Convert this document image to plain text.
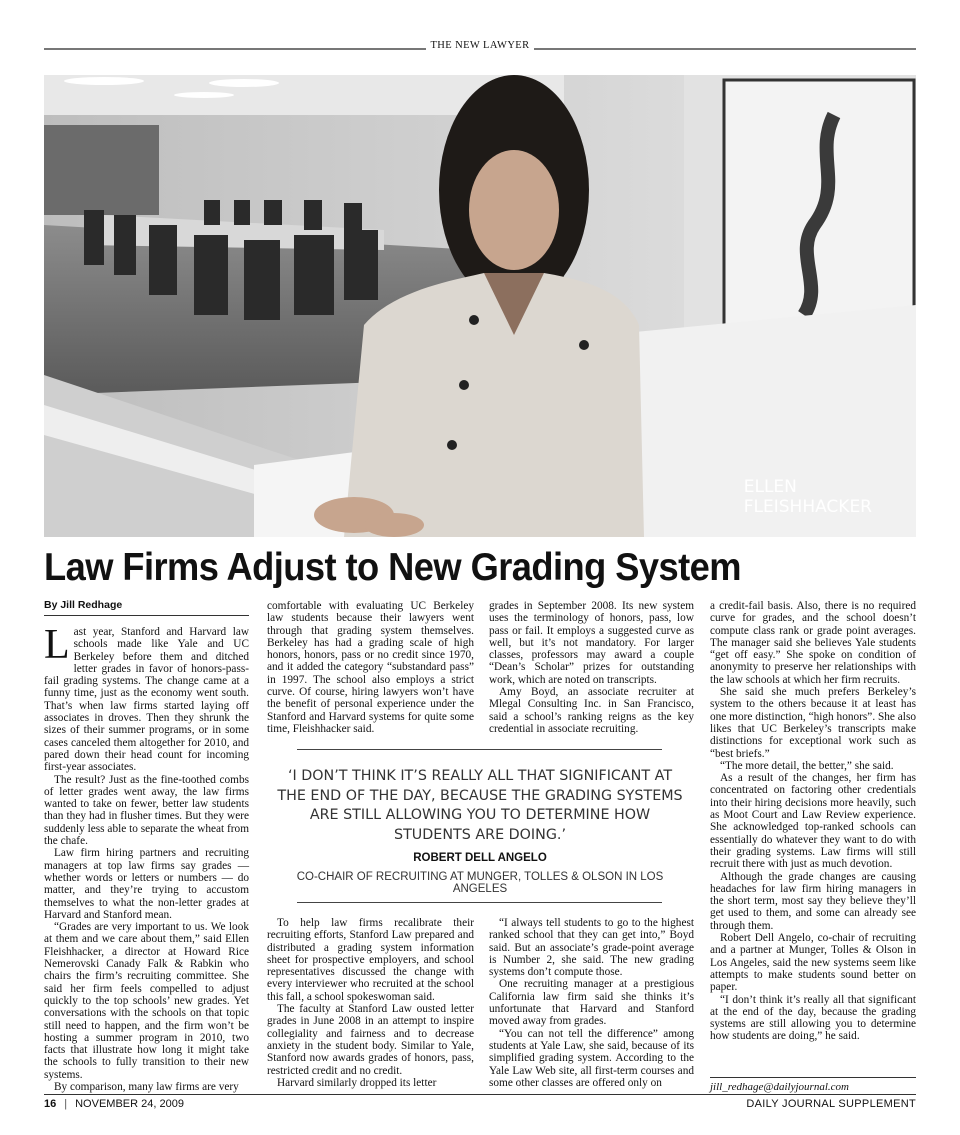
THE NEW LAWYER
ELLEN
FLEISHHACKER
Law Firms Adjust to New Grading System
By Jill Redhage

Last year, Stanford and Harvard law schools made like Yale and UC Berkeley before them and ditched letter grades in favor of honors-pass-fail grading systems. The change came at a funny time, just as the economy went south. That’s when law firms started laying off associates in droves. Then they shrunk the sizes of their summer programs, or in some cases canceled them altogether for 2010, and pared down their head count for incoming first-year associates.

The result? Just as the fine-toothed combs of letter grades went away, the law firms wanted to take on fewer, better law students than they had in flusher times. But they were suddenly less able to separate the wheat from the chafe.

Law firm hiring partners and recruiting managers at top law firms say grades — whether words or letters or numbers — do matter, and they’re trying to accustom themselves to what the non-letter grades at Harvard and Stanford mean.

“Grades are very important to us. We look at them and we care about them,” said Ellen Fleishhacker, a director at Howard Rice Nemerovski Canady Falk & Rabkin who chairs the firm’s recruiting committee. She said her firm feels compelled to adjust quickly to the top schools’ new grades. Yet conversations with the schools on that topic still need to happen, and the firm won’t be hosting a summer program in 2010, two facts that illustrate how long it might take the schools to fully transition to their new systems.

By comparison, many law firms are very

comfortable with evaluating UC Berkeley law students because their lawyers went through that grading system themselves. Berkeley has had a grading scale of high honors, honors, pass or no credit since 1970, and it added the category “substandard pass” in 1997. The school also employs a strict curve. Of course, hiring lawyers won’t have the benefit of personal experience under the Stanford and Harvard systems for quite some time, Fleishhacker said.

grades in September 2008. Its new system uses the terminology of honors, pass, low pass or fail. It employs a suggested curve as well, but it’s not mandatory. For larger classes, professors may award a couple “Dean’s Scholar” prizes for outstanding work, which are noted on transcripts.

Amy Boyd, an associate recruiter at Mlegal Consulting Inc. in San Francisco, said a school’s ranking reigns as the key credential in associate recruiting.

‘I DON’T THINK IT’S REALLY ALL THAT SIGNIFICANT AT THE END OF THE DAY, BECAUSE THE GRADING SYSTEMS ARE STILL ALLOWING YOU TO DETERMINE HOW STUDENTS ARE DOING.’
ROBERT DELL ANGELO
CO-CHAIR OF RECRUITING AT MUNGER, TOLLES & OLSON IN LOS ANGELES

To help law firms recalibrate their recruiting efforts, Stanford Law prepared and distributed a grading system information sheet for prospective employers, and school representatives discussed the change with every interviewer who recruited at the school this fall, a school spokeswoman said.

The faculty at Stanford Law ousted letter grades in June 2008 in an attempt to inspire collegiality and fairness and to decrease anxiety in the student body. Similar to Yale, Stanford now awards grades of honors, pass, restricted credit and no credit.

Harvard similarly dropped its letter

“I always tell students to go to the highest ranked school that they can get into,” Boyd said. But an associate’s grade-point average is Number 2, she said. The new grading systems don’t compute those.

One recruiting manager at a prestigious California law firm said she thinks it’s unfortunate that Harvard and Stanford moved away from grades.

“You can not tell the difference” among students at Yale Law, she said, because of its simplified grading system. According to the Yale Law Web site, all first-term courses and some other classes are offered only on

a credit-fail basis. Also, there is no required curve for grades, and the school doesn’t compute class rank or grade point averages. The manager said she believes Yale students “get off easy.” She spoke on condition of anonymity to preserve her relationships with the law schools at which her firm recruits.

She said she much prefers Berkeley’s system to the others because it at least has one more distinction, “high honors”. She also likes that UC Berkeley’s transcripts make distinctions for exceptional work such as “best briefs.”

“The more detail, the better,” she said.

As a result of the changes, her firm has concentrated on factoring other credentials into their hiring decisions more heavily, such as Moot Court and Law Review experience. She acknowledged top-ranked schools can essentially do whatever they want to do with their grading systems. Law firms will still recruit there with just as much devotion.

Although the grade changes are causing headaches for law firm hiring managers in the short term, most say they believe they’ll get used to them, and some can already see through them.

Robert Dell Angelo, co-chair of recruiting and a partner at Munger, Tolles & Olson in Los Angeles, said the new systems seem like attempts to make students sound better on paper.

“I don’t think it’s really all that significant at the end of the day, because the grading systems are still allowing you to determine how students are doing,” he said.

jill_redhage@dailyjournal.com
16 | NOVEMBER 24, 2009	DAILY JOURNAL SUPPLEMENT
